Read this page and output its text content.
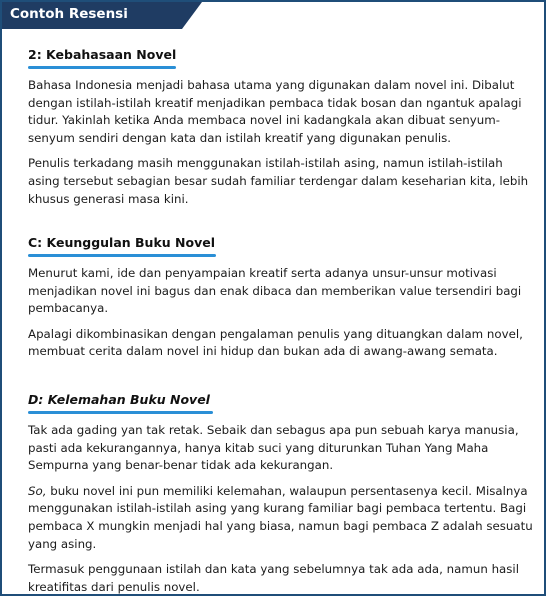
Contoh Resensi
2: Kebahasaan Novel

Bahasa Indonesia menjadi bahasa utama yang digunakan dalam novel ini. Dibalut dengan istilah-istilah kreatif menjadikan pembaca tidak bosan dan ngantuk apalagi tidur. Yakinlah ketika Anda membaca novel ini kadangkala akan dibuat senyum-senyum sendiri dengan kata dan istilah kreatif yang digunakan penulis.

Penulis terkadang masih menggunakan istilah-istilah asing, namun istilah-istilah asing tersebut sebagian besar sudah familiar terdengar dalam keseharian kita, lebih khusus generasi masa kini.

C: Keunggulan Buku Novel

Menurut kami, ide dan penyampaian kreatif serta adanya unsur-unsur motivasi menjadikan novel ini bagus dan enak dibaca dan memberikan value tersendiri bagi pembacanya.

Apalagi dikombinasikan dengan pengalaman penulis yang dituangkan dalam novel, membuat cerita dalam novel ini hidup dan bukan ada di awang-awang semata.

D: Kelemahan Buku Novel

Tak ada gading yan tak retak. Sebaik dan sebagus apa pun sebuah karya manusia, pasti ada kekurangannya, hanya kitab suci yang diturunkan Tuhan Yang Maha Sempurna yang benar-benar tidak ada kekurangan.

So, buku novel ini pun memiliki kelemahan, walaupun persentasenya kecil. Misalnya menggunakan istilah-istilah asing yang kurang familiar bagi pembaca tertentu. Bagi pembaca X mungkin menjadi hal yang biasa, namun bagi pembaca Z adalah sesuatu yang asing.

Termasuk penggunaan istilah dan kata yang sebelumnya tak ada ada, namun hasil kreatifitas dari penulis novel.
